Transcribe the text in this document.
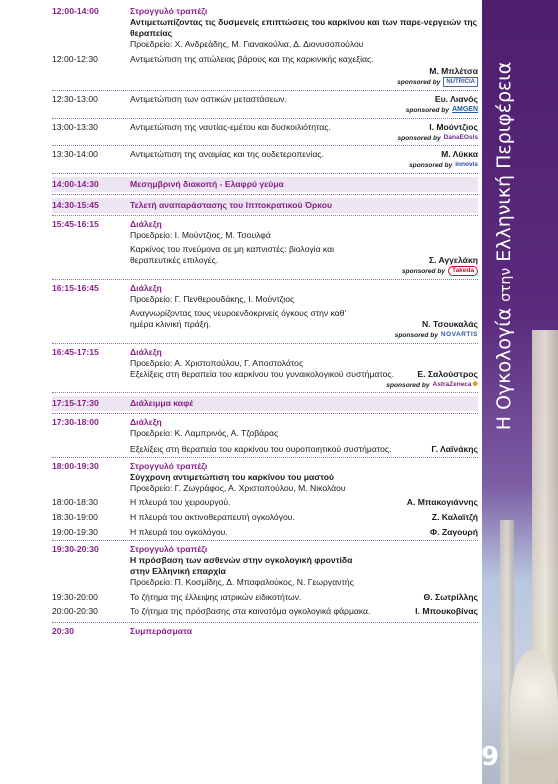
12:00-14:00	Στρογγυλό τραπέζι
Αντιμετωπίζοντας τις δυσμενείς επιπτώσεις του καρκίνου και των παρε-νεργειών της θεραπείας
Προεδρείο: Χ. Ανδρεάδης, Μ. Γιανακούλια, Δ. Διονυσοπούλου
12:00-12:30	Αντιμετώπιση της απώλειας βάρους και της καρκινικής καχεξίας.
Μ. Μπλέτσα
sponsored by NUTRICIA
12:30-13:00	Αντιμετώπιση των οστικών μεταστάσεων.	Ευ. Λιανός
sponsored by AMGEN
13:00-13:30	Αντιμετώπιση της ναυτίας-εμέτου και δυσκοιλιότητας.	Ι. Μούντζιος
sponsored by DanaEOsis
13:30-14:00	Αντιμετώπιση της αναιμίας και της ουδετεροπενίας.	Μ. Λύκκα
sponsored by innovis
14:00-14:30	Μεσημβρινή διακοπή - Ελαφρύ γεύμα
14:30-15:45	Τελετή αναπαράστασης του Ιπποκρατικού Όρκου
15:45-16:15	Διάλεξη
Προεδρείο: Ι. Μούντζιος, Μ. Τσουλφά
Καρκίνος του πνεύμονα σε μη καπνιστές: βιολογία και θεραπευτικές επιλογές.	Σ. Αγγελάκη
sponsored by Takeda
16:15-16:45	Διάλεξη
Προεδρείο: Γ. Πενθερουδάκης, Ι. Μούντζιος
Αναγνωρίζοντας τους νευροενδοκρινείς όγκους στην καθ' ημέρα κλινική πράξη.	Ν. Τσουκαλάς
sponsored by NOVARTIS
16:45-17:15	Διάλεξη
Προεδρείο: Α. Χριστοπούλου, Γ. Αποστολάτος
Εξελίξεις στη θεραπεία του καρκίνου του γυναικολογικού συστήματος.	Ε. Σαλούστρος
sponsored by AstraZeneca ✺
17:15-17:30	Διάλειμμα καφέ
17:30-18:00	Διάλεξη
Προεδρείο: Κ. Λαμπρινός, Α. Τζοβάρας
Εξελίξεις στη θεραπεία του καρκίνου του ουροποιητικού συστήματος.	Γ. Λαϊνάκης
18:00-19:30	Στρογγυλό τραπέζι
Σύγχρονη αντιμετώπιση του καρκίνου του μαστού
Προεδρείο: Γ. Ζωγράφος, Α. Χριστοπούλου, Μ. Νικολάου
18:00-18:30	Η πλευρά του χειρουργού.	Α. Μπακογιάννης
18:30-19:00	Η πλευρά του ακτινοθεραπευτή ογκολόγου.	Ζ. Καλαϊτζή
19:00-19:30	Η πλευρά του ογκολόγου.	Φ. Ζαγουρή
19:30-20:30	Στρογγυλό τραπέζι
Η πρόσβαση των ασθενών στην ογκολογική φροντίδα στην Ελληνική επαρχία
Προεδρείο: Π. Κοσμίδης, Δ. Μπαφαλούκος, Ν. Γεωργαντής
19:30-20:00	Το ζήτημα της έλλειψης ιατρικών ειδικοτήτων.	Θ. Σωτρίλλης
20:00-20:30	Το ζήτημα της πρόσβασης στα καινοτόμα ογκολογικά φάρμακα.	Ι. Μπουκοβίνας
20:30	Συμπεράσματα
Η Ογκολογία στην Ελληνική Περιφέρεια
9
